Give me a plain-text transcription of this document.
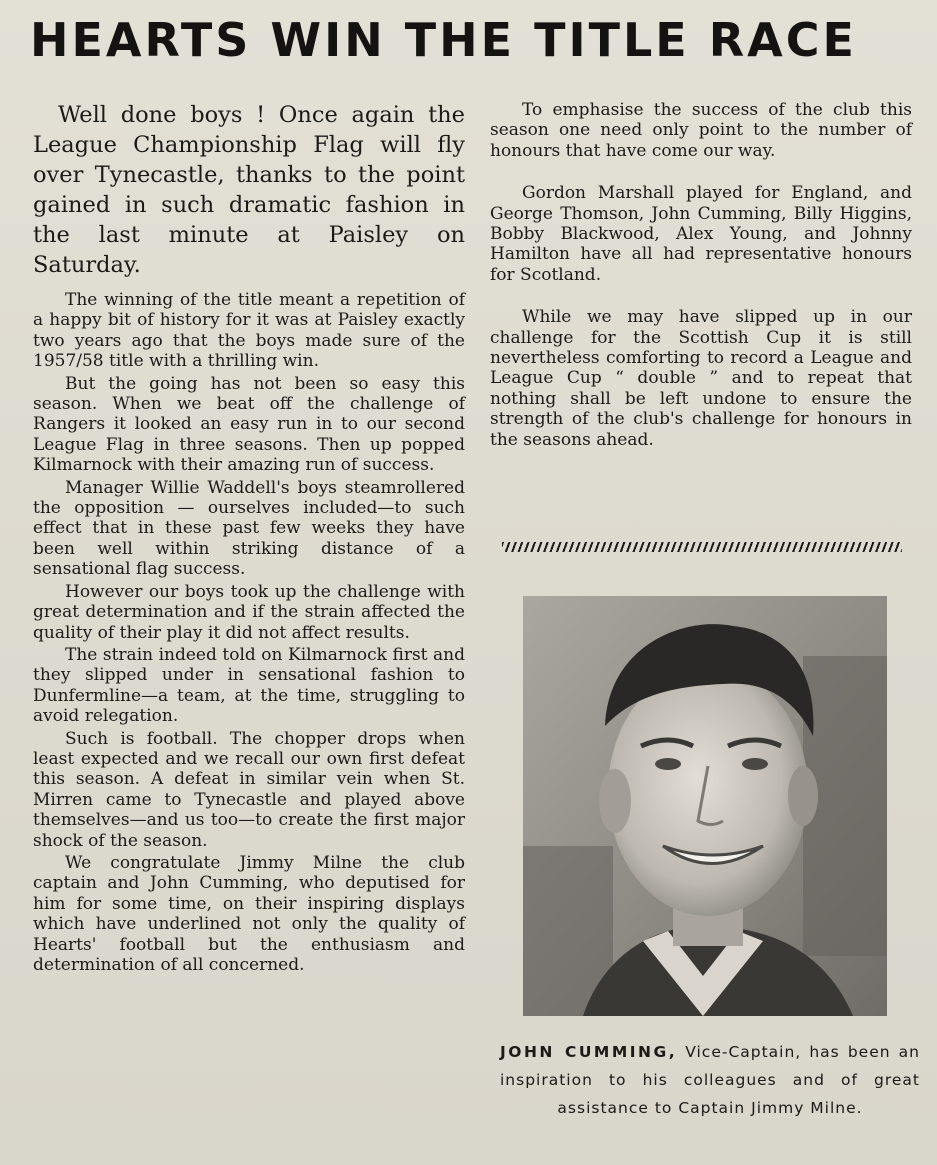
HEARTS WIN THE TITLE RACE

Well done boys ! Once again the League Championship Flag will fly over Tynecastle, thanks to the point gained in such dramatic fashion in the last minute at Paisley on Saturday.

The winning of the title meant a repetition of a happy bit of history for it was at Paisley exactly two years ago that the boys made sure of the 1957/58 title with a thrilling win.

But the going has not been so easy this season. When we beat off the challenge of Rangers it looked an easy run in to our second League Flag in three seasons. Then up popped Kilmarnock with their amazing run of success.

Manager Willie Waddell's boys steamrollered the opposition — ourselves included—to such effect that in these past few weeks they have been well within striking distance of a sensational flag success.

However our boys took up the challenge with great determination and if the strain affected the quality of their play it did not affect results.

The strain indeed told on Kilmarnock first and they slipped under in sensational fashion to Dunfermline—a team, at the time, struggling to avoid relegation.

Such is football. The chopper drops when least expected and we recall our own first defeat this season. A defeat in similar vein when St. Mirren came to Tynecastle and played above themselves—and us too—to create the first major shock of the season.

We congratulate Jimmy Milne the club captain and John Cumming, who deputised for him for some time, on their inspiring displays which have underlined not only the quality of Hearts' football but the enthusiasm and determination of all concerned.

To emphasise the success of the club this season one need only point to the number of honours that have come our way.

Gordon Marshall played for England, and George Thomson, John Cumming, Billy Higgins, Bobby Blackwood, Alex Young, and Johnny Hamilton have all had representative honours for Scotland.

While we may have slipped up in our challenge for the Scottish Cup it is still nevertheless comforting to record a League and League Cup “ double ” and to repeat that nothing shall be left undone to ensure the strength of the club's challenge for honours in the seasons ahead.

JOHN CUMMING, Vice-Captain, has been an inspiration to his colleagues and of great assistance to Captain Jimmy Milne.
